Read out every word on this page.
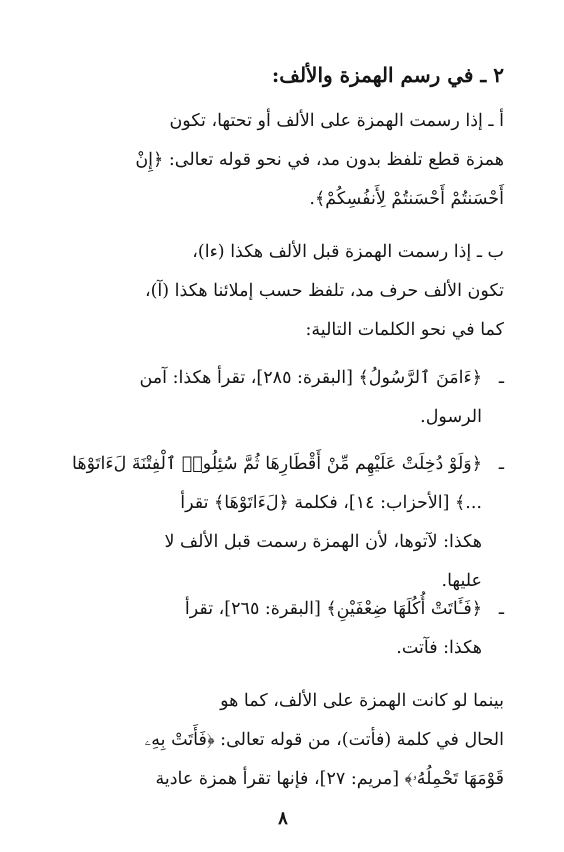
٢ ـ في رسم الهمزة والألف:
أ ـ إذا رسمت الهمزة على الألف أو تحتها، تكون
همزة قطع تلفظ بدون مد، في نحو قوله تعالى: ﴿إِنْ
أَحْسَنتُمْ أَحْسَنتُمْ لِأَنفُسِكُمْ﴾.
ب ـ إذا رسمت الهمزة قبل الألف هكذا (ءا)،
تكون الألف حرف مد، تلفظ حسب إملائنا هكذا (آ)،
كما في نحو الكلمات التالية:
ـ
﴿ءَامَنَ ٱلرَّسُولُ﴾ [البقرة: ٢٨٥]، تقرأ هكذا: آمن
الرسول.
ـ
﴿وَلَوْ دُخِلَتْ عَلَيْهِم مِّنْ أَقْطَارِهَا ثُمَّ سُئِلُوا۟ ٱلْفِتْنَةَ لَءَاتَوْهَا
...﴾ [الأحزاب: ١٤]، فكلمة ﴿لَءَاتَوْهَا﴾ تقرأ
هكذا: لآتوها، لأن الهمزة رسمت قبل الألف لا
عليها.
ـ
﴿فَـَٔاتَتْ أُكُلَهَا ضِعْفَيْنِ﴾ [البقرة: ٢٦٥]، تقرأ
هكذا: فآتت.
بينما لو كانت الهمزة على الألف، كما هو
الحال في كلمة (فأتت)، من قوله تعالى: ﴿فَأَتَتْ بِهِۦ
قَوْمَهَا تَحْمِلُهُۥ﴾ [مريم: ٢٧]، فإنها تقرأ همزة عادية
٨
